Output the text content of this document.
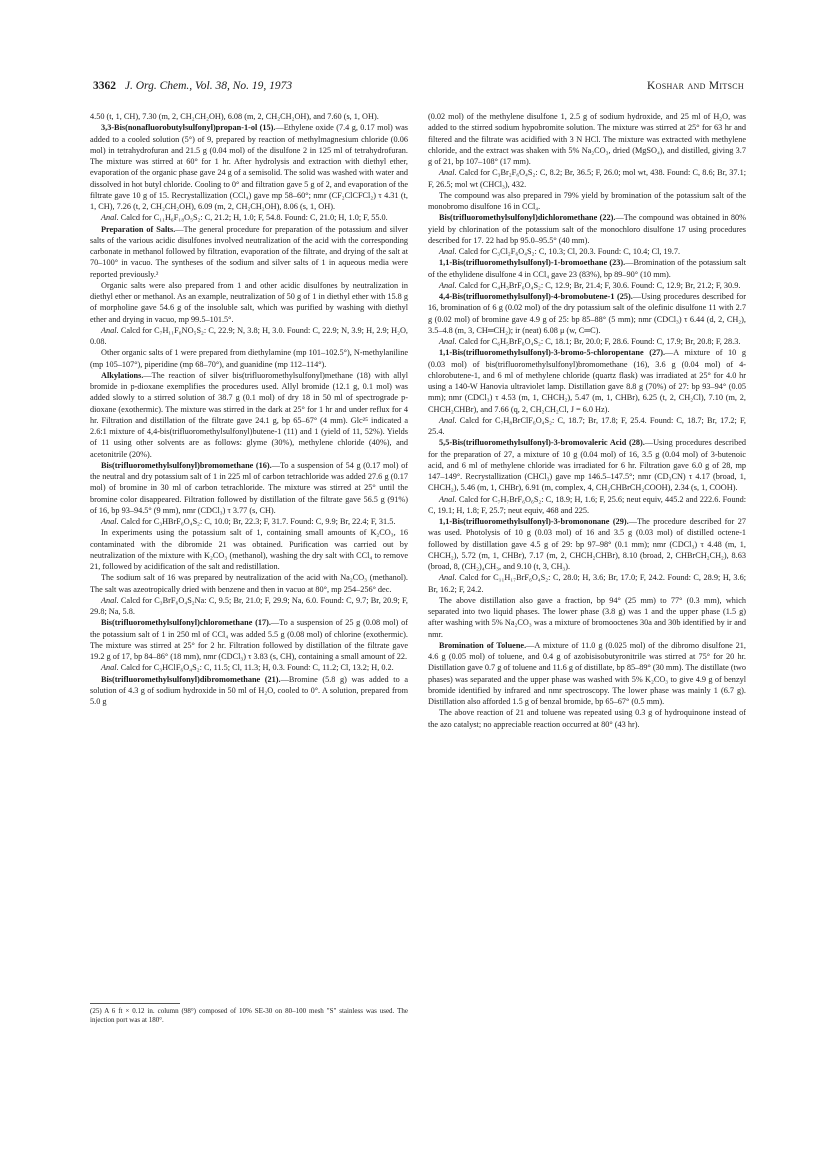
3362 J. Org. Chem., Vol. 38, No. 19, 1973	Koshar and Mitsch

4.50 (t, 1, CH), 7.30 (m, 2, CH₂CH₂OH), 6.08 (m, 2, CH₂CH₂OH), and 7.60 (s, 1, OH).

3,3-Bis(nonafluorobutylsulfonyl)propan-1-ol (15).—Ethylene oxide (7.4 g, 0.17 mol) was added to a cooled solution (5°) of 9, prepared by reaction of methylmagnesium chloride (0.06 mol) in tetrahydrofuran and 21.5 g (0.04 mol) of the disulfone 2 in 125 ml of tetrahydrofuran. The mixture was stirred at 60° for 1 hr. After hydrolysis and extraction with diethyl ether, evaporation of the organic phase gave 24 g of a semisolid. The solid was washed with water and dissolved in hot butyl chloride. Cooling to 0° and filtration gave 5 g of 2, and evaporation of the filtrate gave 10 g of 15. Recrystallization (CCl₄) gave mp 58–60°; nmr (CF₂ClCFCl₂) τ 4.31 (t, 1, CH), 7.26 (t, 2, CH₂CH₂OH), 6.09 (m, 2, CH₂CH₂OH), 8.06 (s, 1, OH).

Anal. Calcd for C₁₁H₆F₁₈O₅S₂: C, 21.2; H, 1.0; F, 54.8. Found: C, 21.0; H, 1.0; F, 55.0.

Preparation of Salts.—The general procedure for preparation of the potassium and silver salts of the various acidic disulfones involved neutralization of the acid with the corresponding carbonate in methanol followed by filtration, evaporation of the filtrate, and drying of the salt at 70–100° in vacuo. The syntheses of the sodium and silver salts of 1 in aqueous media were reported previously.²

Organic salts were also prepared from 1 and other acidic disulfones by neutralization in diethyl ether or methanol. As an example, neutralization of 50 g of 1 in diethyl ether with 15.8 g of morpholine gave 54.6 g of the insoluble salt, which was purified by washing with diethyl ether and drying in vacuo, mp 99.5–101.5°.

Anal. Calcd for C₇H₁₁F₆NO₅S₂: C, 22.9; N, 3.8; H, 3.0. Found: C, 22.9; N, 3.9; H, 2.9; H₂O, 0.08.

Other organic salts of 1 were prepared from diethylamine (mp 101–102.5°), N-methylaniline (mp 105–107°), piperidine (mp 68–70°), and guanidine (mp 112–114°).

Alkylations.—The reaction of silver bis(trifluoromethylsulfonyl)methane (18) with allyl bromide in p-dioxane exemplifies the procedures used. Allyl bromide (12.1 g, 0.1 mol) was added slowly to a stirred solution of 38.7 g (0.1 mol) of dry 18 in 50 ml of spectrograde p-dioxane (exothermic). The mixture was stirred in the dark at 25° for 1 hr and under reflux for 4 hr. Filtration and distillation of the filtrate gave 24.1 g, bp 65–67° (4 mm). Glc²⁵ indicated a 2.6:1 mixture of 4,4-bis(trifluoromethylsulfonyl)butene-1 (11) and 1 (yield of 11, 52%). Yields of 11 using other solvents are as follows: glyme (30%), methylene chloride (40%), and acetonitrile (20%).

Bis(trifluoromethylsulfonyl)bromomethane (16).—To a suspension of 54 g (0.17 mol) of the neutral and dry potassium salt of 1 in 225 ml of carbon tetrachloride was added 27.6 g (0.17 mol) of bromine in 30 ml of carbon tetrachloride. The mixture was stirred at 25° until the bromine color disappeared. Filtration followed by distillation of the filtrate gave 56.5 g (91%) of 16, bp 93–94.5° (9 mm), nmr (CDCl₃) τ 3.77 (s, CH).

Anal. Calcd for C₃HBrF₆O₄S₂: C, 10.0; Br, 22.3; F, 31.7. Found: C, 9.9; Br, 22.4; F, 31.5.

In experiments using the potassium salt of 1, containing small amounts of K₂CO₃, 16 contaminated with the dibromide 21 was obtained. Purification was carried out by neutralization of the mixture with K₂CO₃ (methanol), washing the dry salt with CCl₄ to remove 21, followed by acidification of the salt and redistillation.

The sodium salt of 16 was prepared by neutralization of the acid with Na₂CO₃ (methanol). The salt was azeotropically dried with benzene and then in vacuo at 80°, mp 254–256° dec.

Anal. Calcd for C₃BrF₆O₄S₂Na: C, 9.5; Br, 21.0; F, 29.9; Na, 6.0. Found: C, 9.7; Br, 20.9; F, 29.8; Na, 5.8.

Bis(trifluoromethylsulfonyl)chloromethane (17).—To a suspension of 25 g (0.08 mol) of the potassium salt of 1 in 250 ml of CCl₄ was added 5.5 g (0.08 mol) of chlorine (exothermic). The mixture was stirred at 25° for 2 hr. Filtration followed by distillation of the filtrate gave 19.2 g of 17, bp 84–86° (18 mm), nmr (CDCl₃) τ 3.83 (s, CH), containing a small amount of 22.

Anal. Calcd for C₃HClF₆O₄S₂: C, 11.5; Cl, 11.3; H, 0.3. Found: C, 11.2; Cl, 13.2; H, 0.2.

Bis(trifluoromethylsulfonyl)dibromomethane (21).—Bromine (5.8 g) was added to a solution of 4.3 g of sodium hydroxide in 50 ml of H₂O, cooled to 0°. A solution, prepared from 5.0 g

(0.02 mol) of the methylene disulfone 1, 2.5 g of sodium hydroxide, and 25 ml of H₂O, was added to the stirred sodium hypobromite solution. The mixture was stirred at 25° for 63 hr and filtered and the filtrate was acidified with 3 N HCl. The mixture was extracted with methylene chloride, and the extract was shaken with 5% Na₂CO₃, dried (MgSO₄), and distilled, giving 3.7 g of 21, bp 107–108° (17 mm).

Anal. Calcd for C₃Br₂F₆O₄S₂: C, 8.2; Br, 36.5; F, 26.0; mol wt, 438. Found: C, 8.6; Br, 37.1; F, 26.5; mol wt (CHCl₃), 432.

The compound was also prepared in 79% yield by bromination of the potassium salt of the monobromo disulfone 16 in CCl₄.

Bis(trifluoromethylsulfonyl)dichloromethane (22).—The compound was obtained in 80% yield by chlorination of the potassium salt of the monochloro disulfone 17 using procedures described for 17. 22 had bp 95.0–95.5° (40 mm).

Anal. Calcd for C₃Cl₂F₆O₄S₂: C, 10.3; Cl, 20.3. Found: C, 10.4; Cl, 19.7.

1,1-Bis(trifluoromethylsulfonyl)-1-bromoethane (23).—Bromination of the potassium salt of the ethylidene disulfone 4 in CCl₄ gave 23 (83%), bp 89–90° (10 mm).

Anal. Calcd for C₄H₃BrF₆O₄S₂: C, 12.9; Br, 21.4; F, 30.6. Found: C, 12.9; Br, 21.2; F, 30.9.

4,4-Bis(trifluoromethylsulfonyl)-4-bromobutene-1 (25).—Using procedures described for 16, bromination of 6 g (0.02 mol) of the dry potassium salt of the olefinic disulfone 11 with 2.7 g (0.02 mol) of bromine gave 4.9 g of 25: bp 85–88° (5 mm); nmr (CDCl₃) τ 6.44 (d, 2, CH₂), 3.5–4.8 (m, 3, CH═CH₂); ir (neat) 6.08 μ (w, C═C).

Anal. Calcd for C₆H₅BrF₆O₄S₂: C, 18.1; Br, 20.0; F, 28.6. Found: C, 17.9; Br, 20.8; F, 28.3.

1,1-Bis(trifluoromethylsulfonyl)-3-bromo-5-chloropentane (27).—A mixture of 10 g (0.03 mol) of bis(trifluoromethylsulfonyl)bromomethane (16), 3.6 g (0.04 mol) of 4-chlorobutene-1, and 6 ml of methylene chloride (quartz flask) was irradiated at 25° for 4.0 hr using a 140-W Hanovia ultraviolet lamp. Distillation gave 8.8 g (70%) of 27: bp 93–94° (0.05 mm); nmr (CDCl₃) τ 4.53 (m, 1, CHCH₂), 5.47 (m, 1, CHBr), 6.25 (t, 2, CH₂Cl), 7.10 (m, 2, CHCH₂CHBr), and 7.66 (q, 2, CH₂CH₂Cl, J = 6.0 Hz).

Anal. Calcd for C₇H₈BrClF₆O₄S₂: C, 18.7; Br, 17.8; F, 25.4. Found: C, 18.7; Br, 17.2; F, 25.4.

5,5-Bis(trifluoromethylsulfonyl)-3-bromovaleric Acid (28).—Using procedures described for the preparation of 27, a mixture of 10 g (0.04 mol) of 16, 3.5 g (0.04 mol) of 3-butenoic acid, and 6 ml of methylene chloride was irradiated for 6 hr. Filtration gave 6.0 g of 28, mp 147–149°. Recrystallization (CHCl₃) gave mp 146.5–147.5°; nmr (CD₃CN) τ 4.17 (broad, 1, CHCH₂), 5.46 (m, 1, CHBr), 6.91 (m, complex, 4, CH₂CHBrCH₂COOH), 2.34 (s, 1, COOH).

Anal. Calcd for C₇H₇BrF₆O₆S₂: C, 18.9; H, 1.6; F, 25.6; neut equiv, 445.2 and 222.6. Found: C, 19.1; H, 1.8; F, 25.7; neut equiv, 468 and 225.

1,1-Bis(trifluoromethylsulfonyl)-3-bromononane (29).—The procedure described for 27 was used. Photolysis of 10 g (0.03 mol) of 16 and 3.5 g (0.03 mol) of distilled octene-1 followed by distillation gave 4.5 g of 29: bp 97–98° (0.1 mm); nmr (CDCl₃) τ 4.48 (m, 1, CHCH₂), 5.72 (m, 1, CHBr), 7.17 (m, 2, CHCH₂CHBr), 8.10 (broad, 2, CHBrCH₂CH₂), 8.63 (broad, 8, (CH₂)₄CH₃, and 9.10 (t, 3, CH₃).

Anal. Calcd for C₁₁H₁₇BrF₆O₄S₂: C, 28.0; H, 3.6; Br, 17.0; F, 24.2. Found: C, 28.9; H, 3.6; Br, 16.2; F, 24.2.

The above distillation also gave a fraction, bp 94° (25 mm) to 77° (0.3 mm), which separated into two liquid phases. The lower phase (3.8 g) was 1 and the upper phase (1.5 g) after washing with 5% Na₂CO₃ was a mixture of bromooctenes 30a and 30b identified by ir and nmr.

Bromination of Toluene.—A mixture of 11.0 g (0.025 mol) of the dibromo disulfone 21, 4.6 g (0.05 mol) of toluene, and 0.4 g of azobisisobutyronitrile was stirred at 75° for 20 hr. Distillation gave 0.7 g of toluene and 11.6 g of distillate, bp 85–89° (30 mm). The distillate (two phases) was separated and the upper phase was washed with 5% K₂CO₃ to give 4.9 g of benzyl bromide identified by infrared and nmr spectroscopy. The lower phase was mainly 1 (6.7 g). Distillation also afforded 1.5 g of benzal bromide, bp 65–67° (0.5 mm).

The above reaction of 21 and toluene was repeated using 0.3 g of hydroquinone instead of the azo catalyst; no appreciable reaction occurred at 80° (43 hr).

(25) A 6 ft × 0.12 in. column (98°) composed of 10% SE-30 on 80–100 mesh "S" stainless was used. The injection port was at 180°.
